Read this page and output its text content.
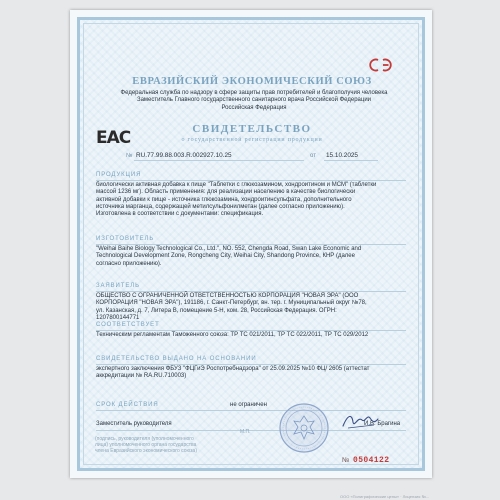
ЕВРАЗИЙСКИЙ ЭКОНОМИЧЕСКИЙ СОЮЗ
Федеральная служба по надзору в сфере защиты прав потребителей и благополучия человека
Заместитель Главного государственного санитарного врача Российской Федерации
Российская Федерация
EAC	СВИДЕТЕЛЬСТВО
о государственной регистрации продукции
№ RU.77.99.88.003.R.002927.10.25	от 15.10.2025
ПРОДУКЦИЯ
биологически активная добавка к пище "Таблетки с глюкозамином, хондроитином и МСМ" (таблетки
массой 1236 мг). Область применения: для реализации населению в качестве биологически
активной добавки к пище - источника глюкозамина, хондроитинсульфата, дополнительного
источника марганца, содержащей метилсульфонилметан (далее согласно приложению).
Изготовлена в соответствии с документами: спецификация.
ИЗГОТОВИТЕЛЬ
"Weihai Baihe Biology Technological Co., Ltd.", NO. 552, Chengda Road, Swan Lake Economic and
Technological Development Zone, Rongcheng City, Weihai City, Shandong Province, КНР (далее
согласно приложению).
ЗАЯВИТЕЛЬ
ОБЩЕСТВО С ОГРАНИЧЕННОЙ ОТВЕТСТВЕННОСТЬЮ КОРПОРАЦИЯ "НОВАЯ ЭРА" (ООО
КОРПОРАЦИЯ "НОВАЯ ЭРА"), 191186, г. Санкт-Петербург, вн. тер. г. Муниципальный округ №78,
ул. Казанская, д. 7, Литера В, помещение 5-Н, ком. 28, Российская Федерация. ОГРН:
1207800144771
СООТВЕТСТВУЕТ
Техническим регламентам Таможенного союза: ТР ТС 021/2011, ТР ТС 022/2011, ТР ТС 029/2012
СВИДЕТЕЛЬСТВО ВЫДАНО НА ОСНОВАНИИ
экспертного заключения ФБУЗ "ФЦГиЭ Роспотребнадзора" от 25.09.2025 №10 ФЦ/ 2605 (аттестат
аккредитации № RA.RU.710003)
СРОК ДЕЙСТВИЯ	не ограничен
Заместитель руководителя	И.В. Брагина
М.П.
(подпись, руководителя (уполномоченного
лица) уполномоченного органа государства
члена Евразийского экономического союза)
№ 0504122
ООО «Полиграфические цены» · Лицензия №...
